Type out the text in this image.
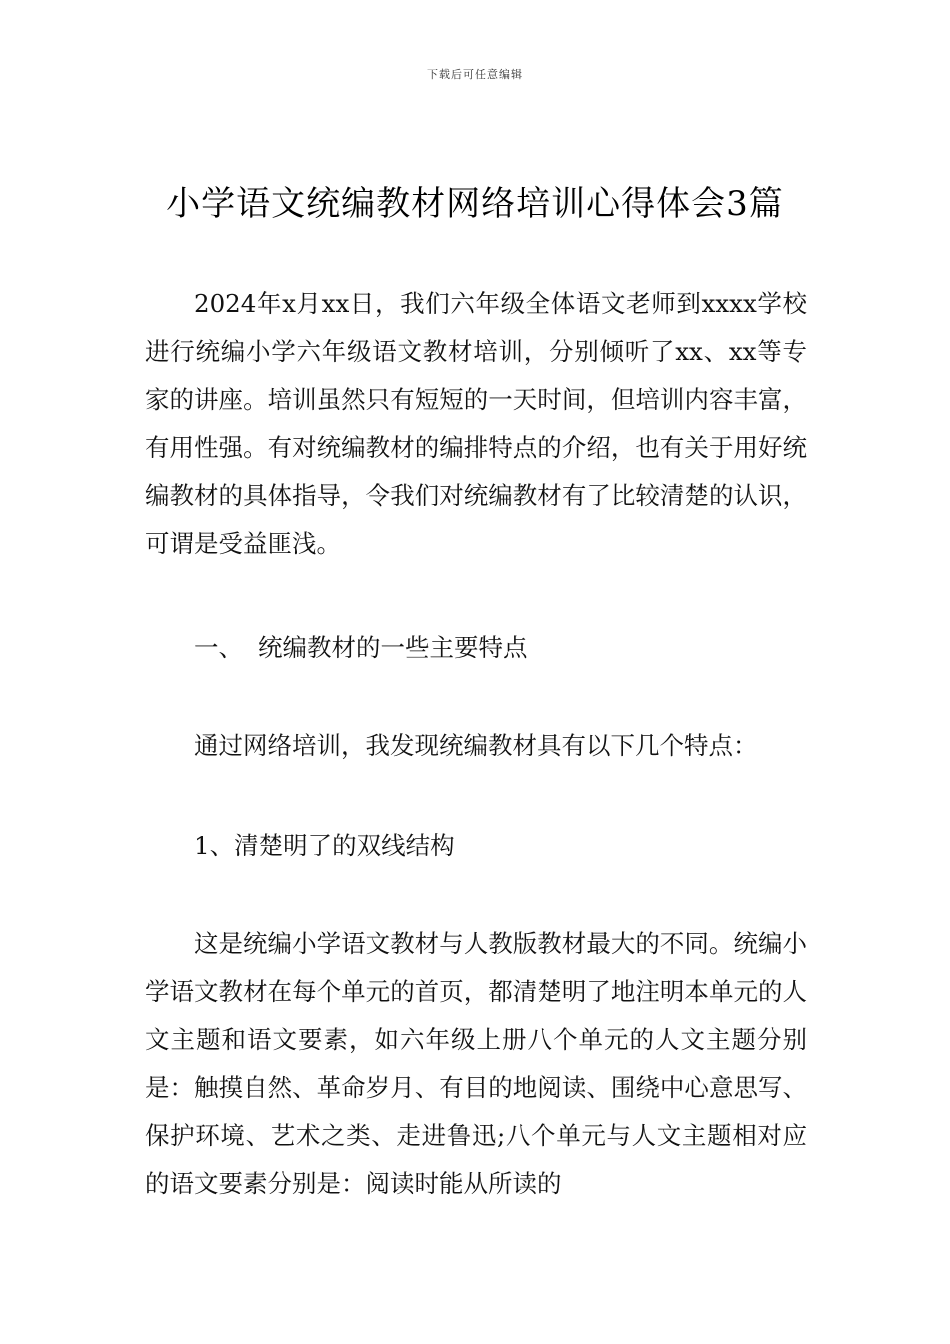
下载后可任意编辑
小学语文统编教材网络培训心得体会3篇

2024年x月xx日，我们六年级全体语文老师到xxxx学校进行统编小学六年级语文教材培训，分别倾听了xx、xx等专家的讲座。培训虽然只有短短的一天时间，但培训内容丰富，有用性强。有对统编教材的编排特点的介绍，也有关于用好统编教材的具体指导，令我们对统编教材有了比较清楚的认识，可谓是受益匪浅。

一、 统编教材的一些主要特点

通过网络培训，我发现统编教材具有以下几个特点：

1、清楚明了的双线结构

这是统编小学语文教材与人教版教材最大的不同。统编小学语文教材在每个单元的首页，都清楚明了地注明本单元的人文主题和语文要素，如六年级上册八个单元的人文主题分别是：触摸自然、革命岁月、有目的地阅读、围绕中心意思写、保护环境、艺术之类、走进鲁迅;八个单元与人文主题相对应的语文要素分别是：阅读时能从所读的
